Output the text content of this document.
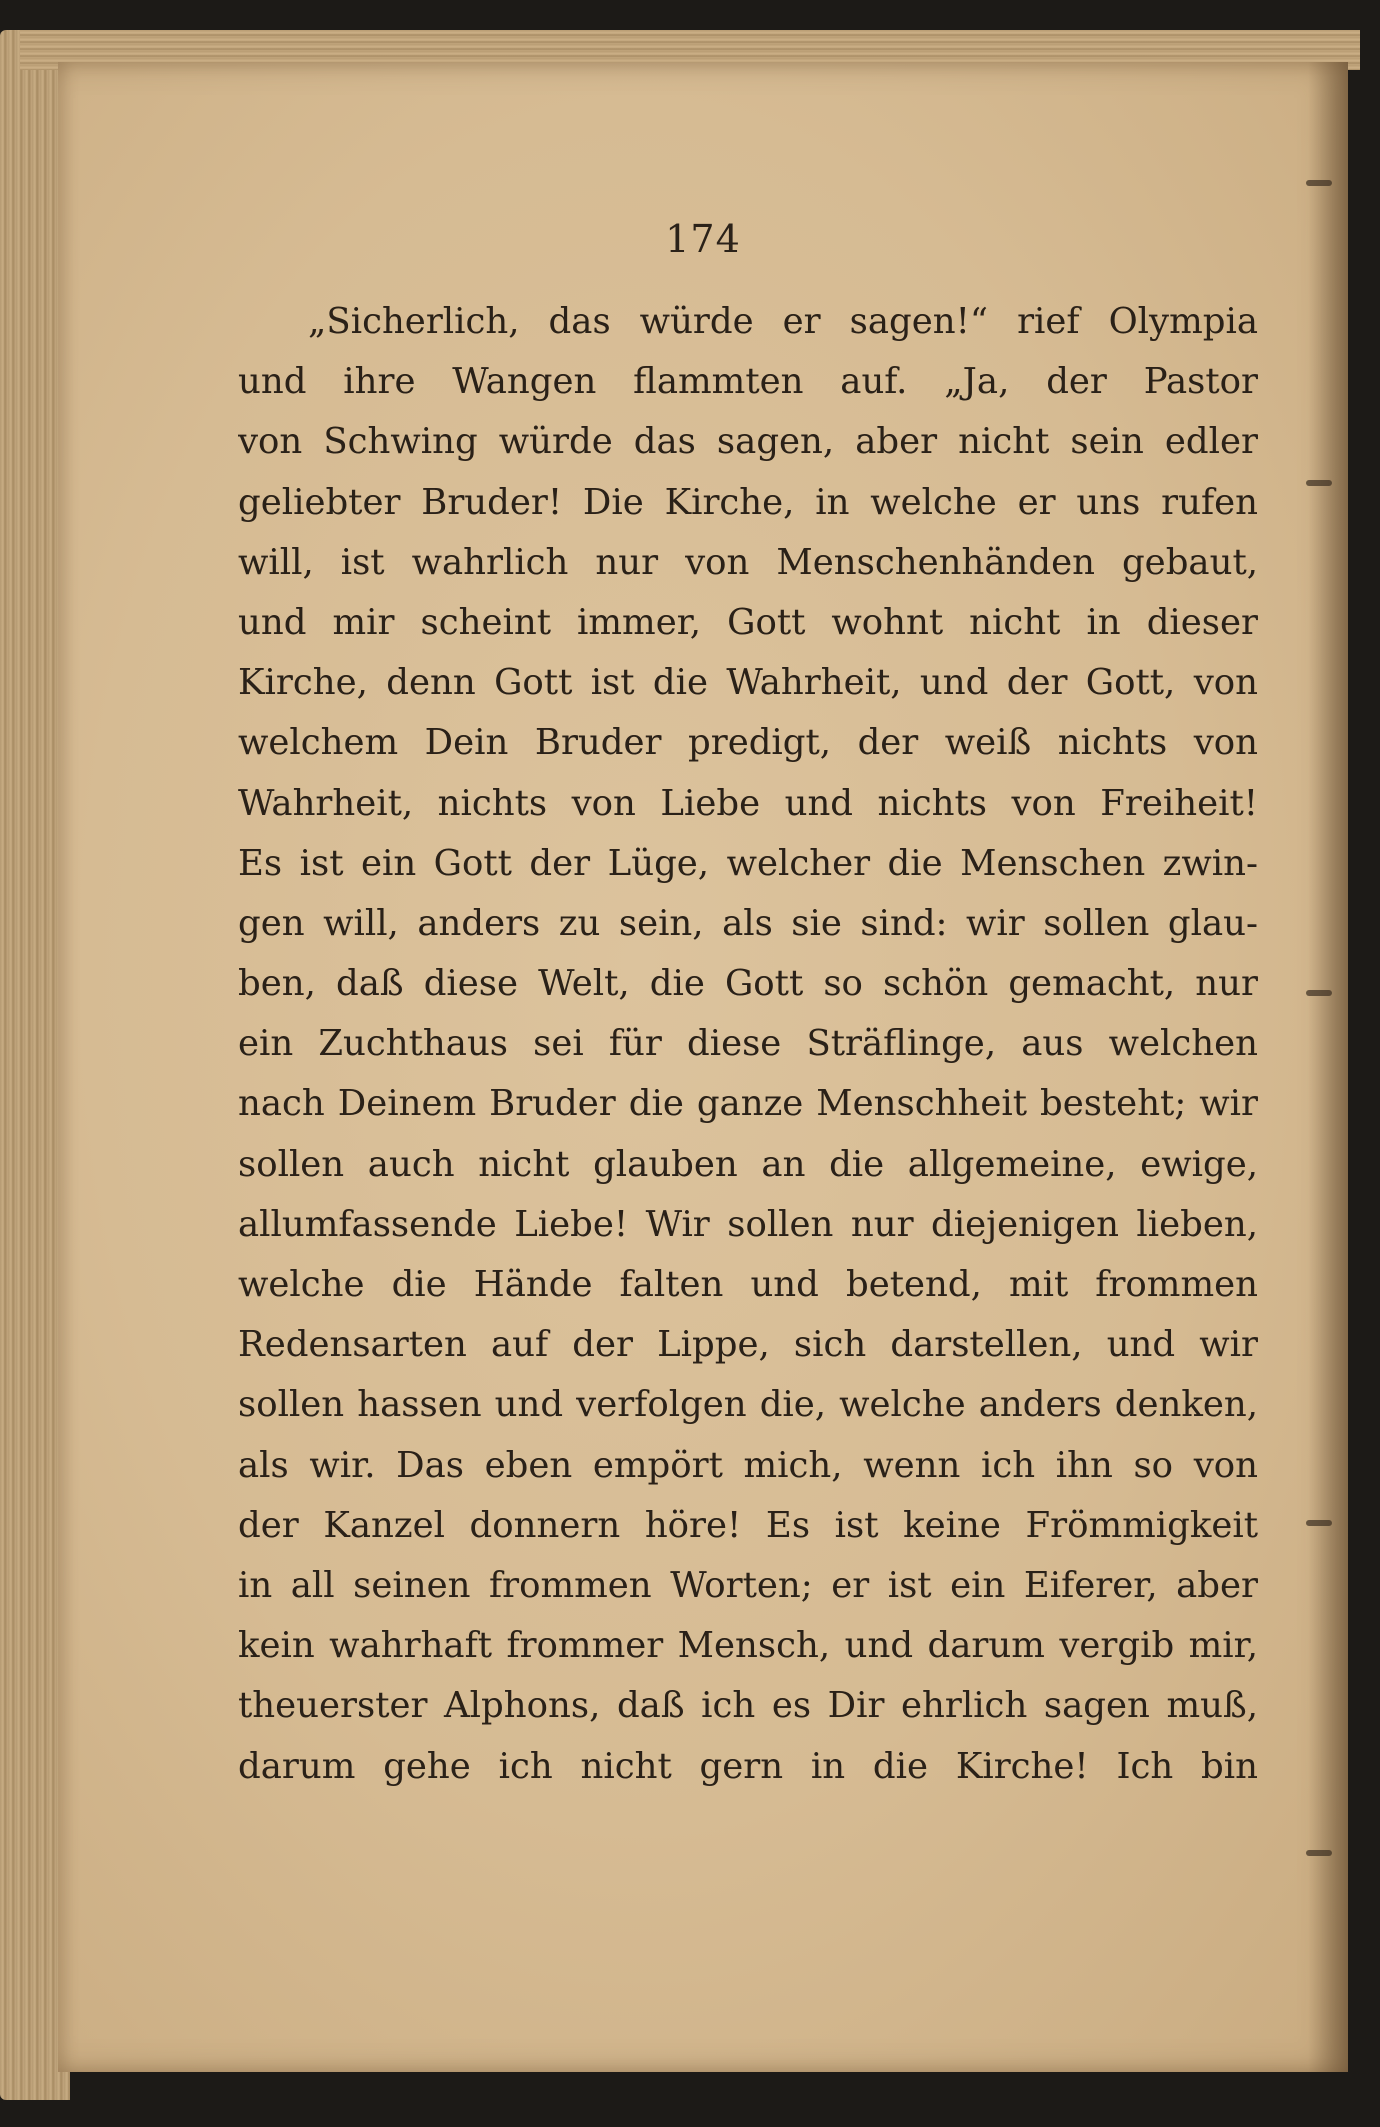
174
„Sicherlich, das würde er sagen!“ rief Olympia
und ihre Wangen flammten auf. „Ja, der Pastor
von Schwing würde das sagen, aber nicht sein edler
geliebter Bruder! Die Kirche, in welche er uns rufen
will, ist wahrlich nur von Menschenhänden gebaut,
und mir scheint immer, Gott wohnt nicht in dieser
Kirche, denn Gott ist die Wahrheit, und der Gott, von
welchem Dein Bruder predigt, der weiß nichts von
Wahrheit, nichts von Liebe und nichts von Freiheit!
Es ist ein Gott der Lüge, welcher die Menschen zwin-
gen will, anders zu sein, als sie sind: wir sollen glau-
ben, daß diese Welt, die Gott so schön gemacht, nur
ein Zuchthaus sei für diese Sträflinge, aus welchen
nach Deinem Bruder die ganze Menschheit besteht; wir
sollen auch nicht glauben an die allgemeine, ewige,
allumfassende Liebe! Wir sollen nur diejenigen lieben,
welche die Hände falten und betend, mit frommen
Redensarten auf der Lippe, sich darstellen, und wir
sollen hassen und verfolgen die, welche anders denken,
als wir. Das eben empört mich, wenn ich ihn so von
der Kanzel donnern höre! Es ist keine Frömmigkeit
in all seinen frommen Worten; er ist ein Eiferer, aber
kein wahrhaft frommer Mensch, und darum vergib mir,
theuerster Alphons, daß ich es Dir ehrlich sagen muß,
darum gehe ich nicht gern in die Kirche! Ich bin
